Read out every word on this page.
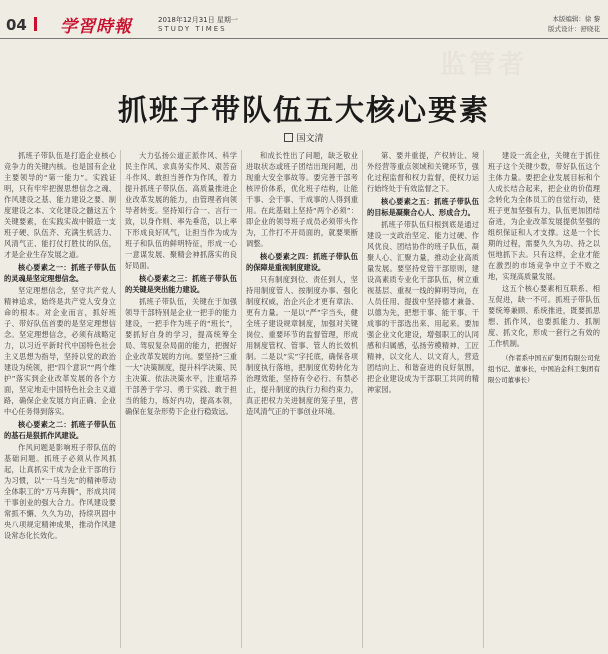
04 学習時報	2018年12月31日 星期一
STUDY TIMES
本版编辑：徐 黎
版式设计：舒晓花
监管者
抓班子带队伍五大核心要素
国文清

抓班子带队伍是打造企业核心竞争力的关键内核。也是国有企业主要领导的“第一能力”。实践证明，只有牢牢把握思想信念之魂、作风建设之基、能力建设之要、制度建设之本、文化建设之髓这五个关键要素，在实践实战中锻造一支班子硬、队伍齐、充满生机活力、风清气正、能打仗打胜仗的队伍，才是企业生存发展之道。

核心要素之一：抓班子带队伍的灵魂是坚定理想信念。

坚定理想信念，坚守共产党人精神追求，始终是共产党人安身立命的根本。对企业而言，抓好班子、带好队伍首要的是坚定理想信念。坚定理想信念，必须有战略定力，以习近平新时代中国特色社会主义思想为指导，坚持以党的政治建设为统领，把“四个意识”“两个维护”落实到企业改革发展的各个方面，坚定地走中国特色社会主义道路，确保企业发展方向正确、企业中心任务得到落实。

核心要素之二：抓班子带队伍的基石是狠抓作风建设。

作风问题是影响班子带队伍的基础问题。抓班子必须从作风抓起，让真抓实干成为企业干部的行为习惯，以“一马当先”的精神带动全体职工的“万马奔腾”，形成共同干事创业的强大合力。作风建设要常抓不懈、久久为功，持续巩固中央八项规定精神成果，推动作风建设常态化长效化。

大力弘扬公道正派作风、科学民主作风、求真务实作风、艰苦奋斗作风、敢担当善作为作风，着力提升抓班子带队伍、高质量推进企业改革发展的能力，由管理者向领导者转变。坚持知行合一、言行一致，以身作则、率先垂范，以上率下形成良好风气，让担当作为成为班子和队伍的鲜明特征，形成一心一意谋发展、聚精会神抓落实的良好局面。

核心要素之三：抓班子带队伍的关键是突出能力建设。

抓班子带队伍，关键在于加强领导干部特别是企业一把手的能力建设，一把手作为班子的“班长”，要抓好自身的学习，提高统筹全局、驾驭复杂局面的能力，把握好企业改革发展的方向。要坚持“三重一大”决策制度，提升科学决策、民主决策、依法决策水平，注重培养干部善于学习、勇于实践、敢于担当的能力，练好内功，提高本领，确保在复杂形势下企业行稳致远。

和成长性出了问题，缺乏敬业进取状态或班子团结出现问题，出现重大安全事故等。要完善干部考核评价体系，优化班子结构，让能干事、会干事、干成事的人得到重用。在此基础上坚持“两个必须”：即企业的领导班子成员必须带头作为，工作打不开局面的，就要果断调整。

核心要素之四：抓班子带队伍的保障是重视制度建设。

只有制度到位、责任到人，坚持用制度管人、按制度办事、强化制度权威，治企兴企才更有章法、更有力量。一是以“严”字当头，健全班子建设规章制度，加强对关键岗位、重要环节的监督管理，形成用制度管权、管事、管人的长效机制。二是以“实”字托底，确保各项制度执行落地，把制度优势转化为治理效能，坚持有令必行、有禁必止，提升制度的执行力和约束力，真正把权力关进制度的笼子里，营造风清气正的干事创业环境。

第、要并重提，产权转让、境外经营等重点领域和关键环节，强化过程监督和权力监督，使权力运行始终处于有效监督之下。

核心要素之五：抓班子带队伍的目标是凝聚合心人、形成合力。

抓班子带队伍归根到底是通过建设一支政治坚定、能力过硬、作风优良、团结协作的班子队伍，凝聚人心、汇聚力量，推动企业高质量发展。要坚持党管干部原则，建设高素质专业化干部队伍，树立重视基层、重视一线的鲜明导向，在人员任用、提拔中坚持德才兼备、以德为先，把想干事、能干事、干成事的干部选出来、用起来。要加强企业文化建设，增强职工的认同感和归属感，弘扬劳模精神、工匠精神，以文化人、以文育人，营造团结向上、和谐奋进的良好氛围，把企业建设成为干部职工共同的精神家园。

建设一流企业，关键在于抓住班子这个关键少数，带好队伍这个主体力量。要把企业发展目标和个人成长结合起来，把企业的价值理念转化为全体员工的自觉行动，使班子更加坚强有力，队伍更加团结奋进，为企业改革发展提供坚强的组织保证和人才支撑。这是一个长期的过程，需要久久为功、持之以恒地抓下去。只有这样，企业才能在激烈的市场竞争中立于不败之地，实现高质量发展。

这五个核心要素相互联系、相互促进，缺一不可。抓班子带队伍要统筹兼顾、系统推进，既要抓思想、抓作风，也要抓能力、抓制度、抓文化，形成一套行之有效的工作机制。

（作者系中国五矿集团有限公司党组书记、董事长，中国冶金科工集团有限公司董事长）
